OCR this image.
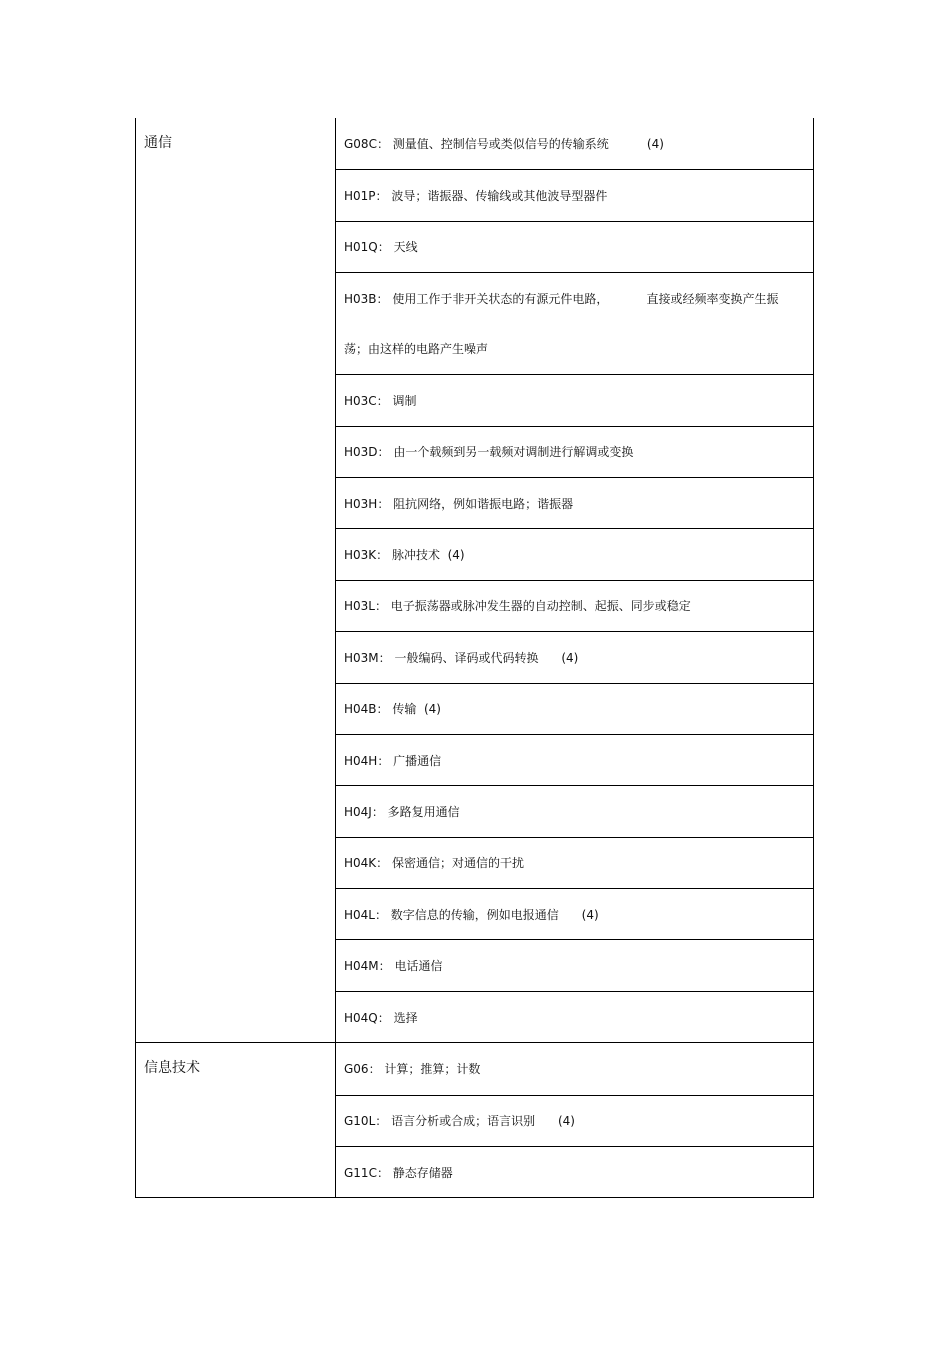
通信	G08C： 测量值、控制信号或类似信号的传输系统          (4)
H01P： 波导；谐振器、传输线或其他波导型器件
H01Q： 天线
H03B： 使用工作于非开关状态的有源元件电路，          直接或经频率变换产生振
荡；由这样的电路产生噪声
H03C： 调制
H03D： 由一个载频到另一载频对调制进行解调或变换
H03H： 阻抗网络，例如谐振电路；谐振器
H03K： 脉冲技术  (4)
H03L： 电子振荡器或脉冲发生器的自动控制、起振、同步或稳定
H03M： 一般编码、译码或代码转换      (4)
H04B： 传输  (4)
H04H： 广播通信
H04J： 多路复用通信
H04K： 保密通信；对通信的干扰
H04L： 数字信息的传输，例如电报通信      (4)
H04M： 电话通信
H04Q： 选择
信息技术	G06： 计算；推算；计数
G10L： 语言分析或合成；语言识别      (4)
G11C： 静态存储器
